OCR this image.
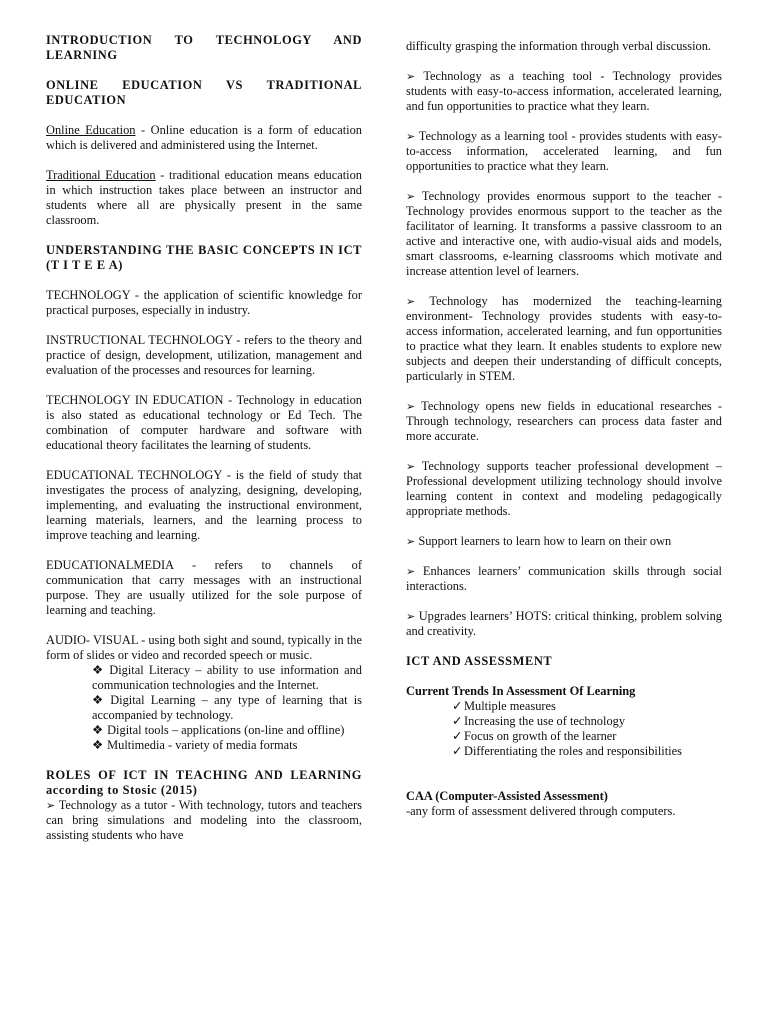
INTRODUCTION TO TECHNOLOGY AND LEARNING
ONLINE EDUCATION VS TRADITIONAL EDUCATION

Online Education - Online education is a form of education which is delivered and administered using the Internet.

Traditional Education - traditional education means education in which instruction takes place between an instructor and students where all are physically present in the same classroom.

UNDERSTANDING THE BASIC CONCEPTS IN ICT (T I T E E A)

TECHNOLOGY - the application of scientific knowledge for practical purposes, especially in industry.

INSTRUCTIONAL TECHNOLOGY - refers to the theory and practice of design, development, utilization, management and evaluation of the processes and resources for learning.

TECHNOLOGY IN EDUCATION - Technology in education is also stated as educational technology or Ed Tech. The combination of computer hardware and software with educational theory facilitates the learning of students.

EDUCATIONAL TECHNOLOGY - is the field of study that investigates the process of analyzing, designing, developing, implementing, and evaluating the instructional environment, learning materials, learners, and the learning process to improve teaching and learning.

EDUCATIONALMEDIA - refers to channels of communication that carry messages with an instructional purpose. They are usually utilized for the sole purpose of learning and teaching.

AUDIO- VISUAL - using both sight and sound, typically in the form of slides or video and recorded speech or music.

❖ Digital Literacy – ability to use information and communication technologies and the Internet.
❖ Digital Learning – any type of learning that is accompanied by technology.
❖ Digital tools – applications (on-line and offline)
❖ Multimedia - variety of media formats
ROLES OF ICT IN TEACHING AND LEARNING according to Stosic (2015)

➢ Technology as a tutor - With technology, tutors and teachers can bring simulations and modeling into the classroom, assisting students who have

difficulty grasping the information through verbal discussion.

➢ Technology as a teaching tool - Technology provides students with easy-to-access information, accelerated learning, and fun opportunities to practice what they learn.

➢ Technology as a learning tool - provides students with easy-to-access information, accelerated learning, and fun opportunities to practice what they learn.

➢ Technology provides enormous support to the teacher - Technology provides enormous support to the teacher as the facilitator of learning. It transforms a passive classroom to an active and interactive one, with audio-visual aids and models, smart classrooms, e-learning classrooms which motivate and increase attention level of learners.

➢ Technology has modernized the teaching-learning environment- Technology provides students with easy-to-access information, accelerated learning, and fun opportunities to practice what they learn. It enables students to explore new subjects and deepen their understanding of difficult concepts, particularly in STEM.

➢ Technology opens new fields in educational researches - Through technology, researchers can process data faster and more accurate.

➢ Technology supports teacher professional development – Professional development utilizing technology should involve learning content in context and modeling pedagogically appropriate methods.

➢ Support learners to learn how to learn on their own

➢ Enhances learners’ communication skills through social interactions.

➢ Upgrades learners’ HOTS: critical thinking, problem solving and creativity.

ICT AND ASSESSMENT
Current Trends In Assessment Of Learning
✓ Multiple measures
✓ Increasing the use of technology
✓ Focus on growth of the learner
✓ Differentiating the roles and responsibilities
CAA (Computer-Assisted Assessment)

-any form of assessment delivered through computers.
